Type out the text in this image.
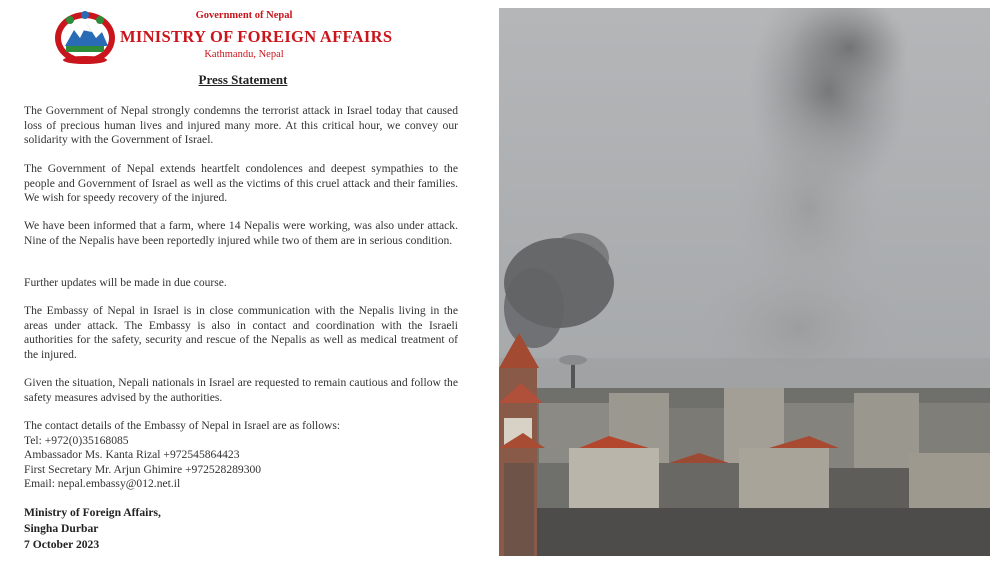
Government of Nepal
MINISTRY OF FOREIGN AFFAIRS
Kathmandu, Nepal
Press Statement

The Government of Nepal strongly condemns the terrorist attack in Israel today that caused loss of precious human lives and injured many more. At this critical hour, we convey our solidarity with the Government of Israel.

The Government of Nepal extends heartfelt condolences and deepest sympathies to the people and Government of Israel as well as the victims of this cruel attack and their families. We wish for speedy recovery of the injured.

We have been informed that a farm, where 14 Nepalis were working, was also under attack. Nine of the Nepalis have been reportedly injured while two of them are in serious condition.

Further updates will be made in due course.

The Embassy of Nepal in Israel is in close communication with the Nepalis living in the areas under attack. The Embassy is also in contact and coordination with the Israeli authorities for the safety, security and rescue of the Nepalis as well as medical treatment of the injured.

Given the situation, Nepali nationals in Israel are requested to remain cautious and follow the safety measures advised by the authorities.

The contact details of the Embassy of Nepal in Israel are as follows:
Tel: +972(0)35168085
Ambassador Ms. Kanta Rizal +972545864423
First Secretary Mr. Arjun Ghimire +972528289300
Email: nepal.embassy@012.net.il
Ministry of Foreign Affairs,
Singha Durbar
7 October 2023
